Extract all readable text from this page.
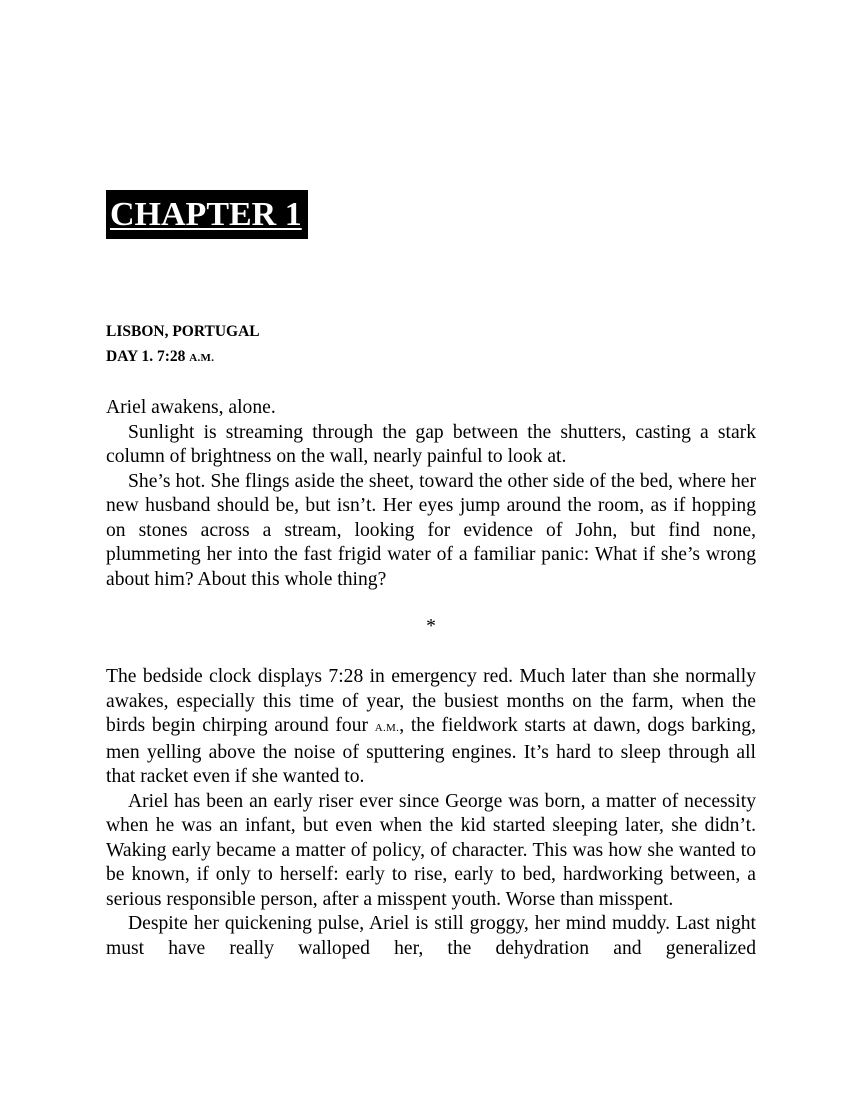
CHAPTER 1
LISBON, PORTUGAL
DAY 1. 7:28 A.M.

Ariel awakens, alone.

Sunlight is streaming through the gap between the shutters, casting a stark column of brightness on the wall, nearly painful to look at.

She’s hot. She flings aside the sheet, toward the other side of the bed, where her new husband should be, but isn’t. Her eyes jump around the room, as if hopping on stones across a stream, looking for evidence of John, but find none, plummeting her into the fast frigid water of a familiar panic: What if she’s wrong about him? About this whole thing?

*

The bedside clock displays 7:28 in emergency red. Much later than she normally awakes, especially this time of year, the busiest months on the farm, when the birds begin chirping around four A.M., the fieldwork starts at dawn, dogs barking, men yelling above the noise of sputtering engines. It’s hard to sleep through all that racket even if she wanted to.

Ariel has been an early riser ever since George was born, a matter of necessity when he was an infant, but even when the kid started sleeping later, she didn’t. Waking early became a matter of policy, of character. This was how she wanted to be known, if only to herself: early to rise, early to bed, hardworking between, a serious responsible person, after a misspent youth. Worse than misspent.

Despite her quickening pulse, Ariel is still groggy, her mind muddy. Last night must have really walloped her, the dehydration and generalized
